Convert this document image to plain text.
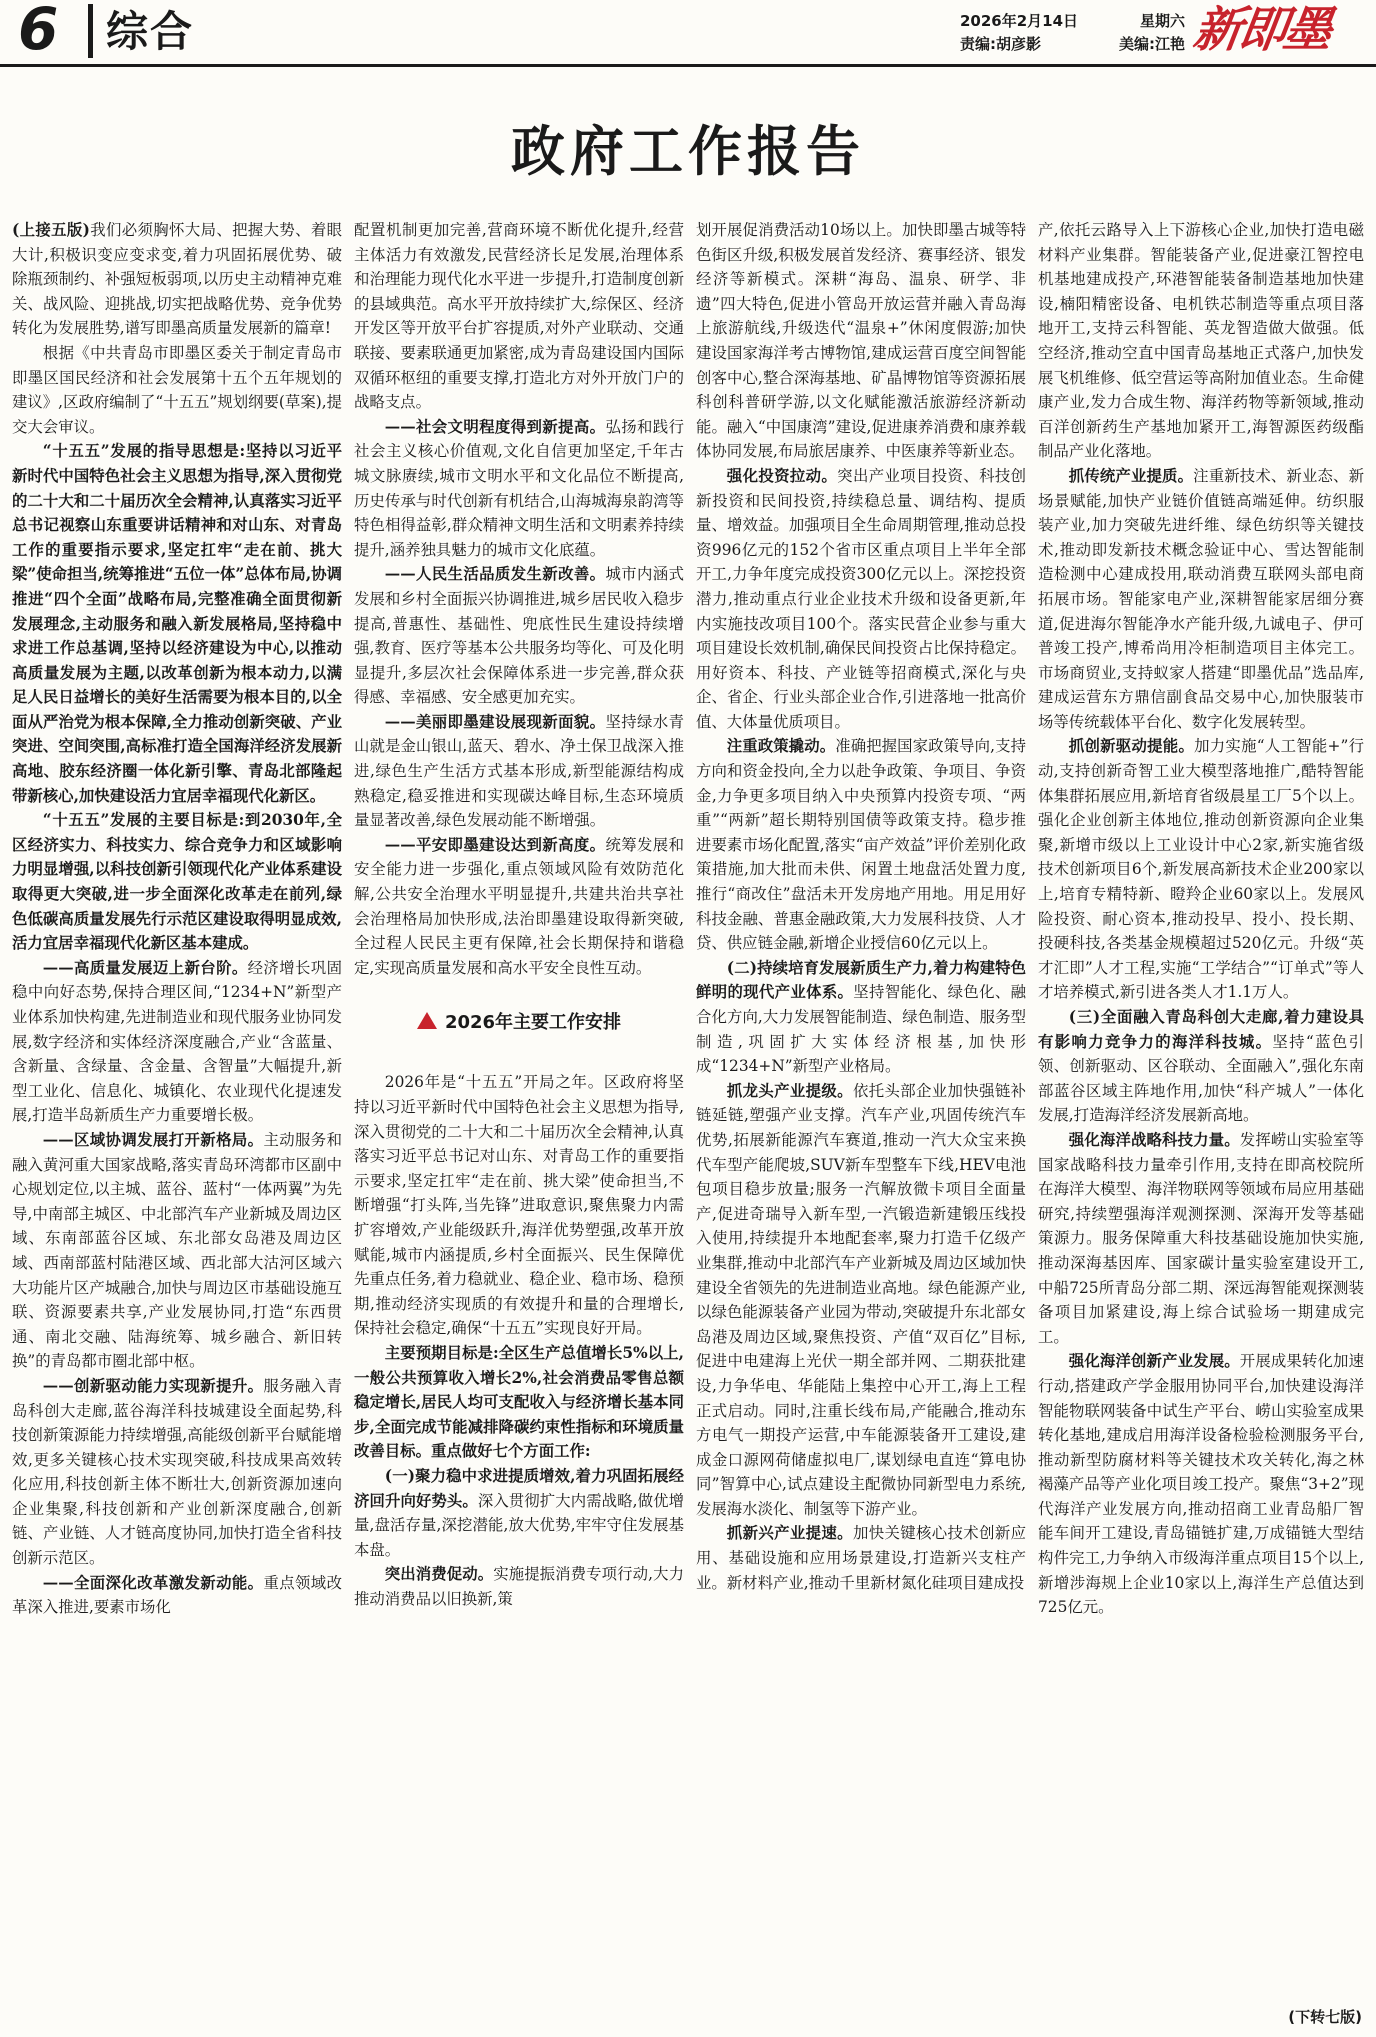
6 综合	2026年2月14日	星期六
责编:胡彦影	美编:江艳 新即墨
政府工作报告

(上接五版)我们必须胸怀大局、把握大势、着眼大计,积极识变应变求变,着力巩固拓展优势、破除瓶颈制约、补强短板弱项,以历史主动精神克难关、战风险、迎挑战,切实把战略优势、竞争优势转化为发展胜势,谱写即墨高质量发展新的篇章!

根据《中共青岛市即墨区委关于制定青岛市即墨区国民经济和社会发展第十五个五年规划的建议》,区政府编制了“十五五”规划纲要(草案),提交大会审议。

“十五五”发展的指导思想是:坚持以习近平新时代中国特色社会主义思想为指导,深入贯彻党的二十大和二十届历次全会精神,认真落实习近平总书记视察山东重要讲话精神和对山东、对青岛工作的重要指示要求,坚定扛牢“走在前、挑大梁”使命担当,统筹推进“五位一体”总体布局,协调推进“四个全面”战略布局,完整准确全面贯彻新发展理念,主动服务和融入新发展格局,坚持稳中求进工作总基调,坚持以经济建设为中心,以推动高质量发展为主题,以改革创新为根本动力,以满足人民日益增长的美好生活需要为根本目的,以全面从严治党为根本保障,全力推动创新突破、产业突进、空间突围,高标准打造全国海洋经济发展新高地、胶东经济圈一体化新引擎、青岛北部隆起带新核心,加快建设活力宜居幸福现代化新区。

“十五五”发展的主要目标是:到2030年,全区经济实力、科技实力、综合竞争力和区域影响力明显增强,以科技创新引领现代化产业体系建设取得更大突破,进一步全面深化改革走在前列,绿色低碳高质量发展先行示范区建设取得明显成效,活力宜居幸福现代化新区基本建成。

——高质量发展迈上新台阶。经济增长巩固稳中向好态势,保持合理区间,“1234+N”新型产业体系加快构建,先进制造业和现代服务业协同发展,数字经济和实体经济深度融合,产业“含蓝量、含新量、含绿量、含金量、含智量”大幅提升,新型工业化、信息化、城镇化、农业现代化提速发展,打造半岛新质生产力重要增长极。

——区域协调发展打开新格局。主动服务和融入黄河重大国家战略,落实青岛环湾都市区副中心规划定位,以主城、蓝谷、蓝村“一体两翼”为先导,中南部主城区、中北部汽车产业新城及周边区域、东南部蓝谷区域、东北部女岛港及周边区域、西南部蓝村陆港区域、西北部大沽河区域六大功能片区产城融合,加快与周边区市基础设施互联、资源要素共享,产业发展协同,打造“东西贯通、南北交融、陆海统筹、城乡融合、新旧转换”的青岛都市圈北部中枢。

——创新驱动能力实现新提升。服务融入青岛科创大走廊,蓝谷海洋科技城建设全面起势,科技创新策源能力持续增强,高能级创新平台赋能增效,更多关键核心技术实现突破,科技成果高效转化应用,科技创新主体不断壮大,创新资源加速向企业集聚,科技创新和产业创新深度融合,创新链、产业链、人才链高度协同,加快打造全省科技创新示范区。

——全面深化改革激发新动能。重点领域改革深入推进,要素市场化

配置机制更加完善,营商环境不断优化提升,经营主体活力有效激发,民营经济长足发展,治理体系和治理能力现代化水平进一步提升,打造制度创新的县域典范。高水平开放持续扩大,综保区、经济开发区等开放平台扩容提质,对外产业联动、交通联接、要素联通更加紧密,成为青岛建设国内国际双循环枢纽的重要支撑,打造北方对外开放门户的战略支点。

——社会文明程度得到新提高。弘扬和践行社会主义核心价值观,文化自信更加坚定,千年古城文脉赓续,城市文明水平和文化品位不断提高,历史传承与时代创新有机结合,山海城海泉韵湾等特色相得益彰,群众精神文明生活和文明素养持续提升,涵养独具魅力的城市文化底蕴。

——人民生活品质发生新改善。城市内涵式发展和乡村全面振兴协调推进,城乡居民收入稳步提高,普惠性、基础性、兜底性民生建设持续增强,教育、医疗等基本公共服务均等化、可及化明显提升,多层次社会保障体系进一步完善,群众获得感、幸福感、安全感更加充实。

——美丽即墨建设展现新面貌。坚持绿水青山就是金山银山,蓝天、碧水、净土保卫战深入推进,绿色生产生活方式基本形成,新型能源结构成熟稳定,稳妥推进和实现碳达峰目标,生态环境质量显著改善,绿色发展动能不断增强。

——平安即墨建设达到新高度。统筹发展和安全能力进一步强化,重点领域风险有效防范化解,公共安全治理水平明显提升,共建共治共享社会治理格局加快形成,法治即墨建设取得新突破,全过程人民民主更有保障,社会长期保持和谐稳定,实现高质量发展和高水平安全良性互动。

2026年主要工作安排

2026年是“十五五”开局之年。区政府将坚持以习近平新时代中国特色社会主义思想为指导,深入贯彻党的二十大和二十届历次全会精神,认真落实习近平总书记对山东、对青岛工作的重要指示要求,坚定扛牢“走在前、挑大梁”使命担当,不断增强“打头阵,当先锋”进取意识,聚焦聚力内需扩容增效,产业能级跃升,海洋优势塑强,改革开放赋能,城市内涵提质,乡村全面振兴、民生保障优先重点任务,着力稳就业、稳企业、稳市场、稳预期,推动经济实现质的有效提升和量的合理增长,保持社会稳定,确保“十五五”实现良好开局。

主要预期目标是:全区生产总值增长5%以上,一般公共预算收入增长2%,社会消费品零售总额稳定增长,居民人均可支配收入与经济增长基本同步,全面完成节能减排降碳约束性指标和环境质量改善目标。重点做好七个方面工作:

(一)聚力稳中求进提质增效,着力巩固拓展经济回升向好势头。深入贯彻扩大内需战略,做优增量,盘活存量,深挖潜能,放大优势,牢牢守住发展基本盘。

突出消费促动。实施提振消费专项行动,大力推动消费品以旧换新,策

划开展促消费活动10场以上。加快即墨古城等特色街区升级,积极发展首发经济、赛事经济、银发经济等新模式。深耕“海岛、温泉、研学、非遗”四大特色,促进小管岛开放运营并融入青岛海上旅游航线,升级迭代“温泉+”休闲度假游;加快建设国家海洋考古博物馆,建成运营百度空间智能创客中心,整合深海基地、矿晶博物馆等资源拓展科创科普研学游,以文化赋能激活旅游经济新动能。融入“中国康湾”建设,促进康养消费和康养载体协同发展,布局旅居康养、中医康养等新业态。

强化投资拉动。突出产业项目投资、科技创新投资和民间投资,持续稳总量、调结构、提质量、增效益。加强项目全生命周期管理,推动总投资996亿元的152个省市区重点项目上半年全部开工,力争年度完成投资300亿元以上。深挖投资潜力,推动重点行业企业技术升级和设备更新,年内实施技改项目100个。落实民营企业参与重大项目建设长效机制,确保民间投资占比保持稳定。用好资本、科技、产业链等招商模式,深化与央企、省企、行业头部企业合作,引进落地一批高价值、大体量优质项目。

注重政策撬动。准确把握国家政策导向,支持方向和资金投向,全力以赴争政策、争项目、争资金,力争更多项目纳入中央预算内投资专项、“两重”“两新”超长期特别国债等政策支持。稳步推进要素市场化配置,落实“亩产效益”评价差别化政策措施,加大批而未供、闲置土地盘活处置力度,推行“商改住”盘活未开发房地产用地。用足用好科技金融、普惠金融政策,大力发展科技贷、人才贷、供应链金融,新增企业授信60亿元以上。

(二)持续培育发展新质生产力,着力构建特色鲜明的现代产业体系。坚持智能化、绿色化、融合化方向,大力发展智能制造、绿色制造、服务型制造,巩固扩大实体经济根基,加快形成“1234+N”新型产业格局。

抓龙头产业提级。依托头部企业加快强链补链延链,塑强产业支撑。汽车产业,巩固传统汽车优势,拓展新能源汽车赛道,推动一汽大众宝来换代车型产能爬坡,SUV新车型整车下线,HEV电池包项目稳步放量;服务一汽解放微卡项目全面量产,促进奇瑞导入新车型,一汽锻造新建锻压线投入使用,持续提升本地配套率,聚力打造千亿级产业集群,推动中北部汽车产业新城及周边区域加快建设全省领先的先进制造业高地。绿色能源产业,以绿色能源装备产业园为带动,突破提升东北部女岛港及周边区域,聚焦投资、产值“双百亿”目标,促进中电建海上光伏一期全部并网、二期获批建设,力争华电、华能陆上集控中心开工,海上工程正式启动。同时,注重长线布局,产能融合,推动东方电气一期投产运营,中车能源装备开工建设,建成金口源网荷储虚拟电厂,谋划绿电直连“算电协同”智算中心,试点建设主配微协同新型电力系统,发展海水淡化、制氢等下游产业。

抓新兴产业提速。加快关键核心技术创新应用、基础设施和应用场景建设,打造新兴支柱产业。新材料产业,推动千里新材氮化硅项目建成投

产,依托云路导入上下游核心企业,加快打造电磁材料产业集群。智能装备产业,促进豪江智控电机基地建成投产,环港智能装备制造基地加快建设,楠阳精密设备、电机铁芯制造等重点项目落地开工,支持云科智能、英龙智造做大做强。低空经济,推动空直中国青岛基地正式落户,加快发展飞机维修、低空营运等高附加值业态。生命健康产业,发力合成生物、海洋药物等新领域,推动百洋创新药生产基地加紧开工,海智源医药级酯制品产业化落地。

抓传统产业提质。注重新技术、新业态、新场景赋能,加快产业链价值链高端延伸。纺织服装产业,加力突破先进纤维、绿色纺织等关键技术,推动即发新技术概念验证中心、雪达智能制造检测中心建成投用,联动消费互联网头部电商拓展市场。智能家电产业,深耕智能家居细分赛道,促进海尔智能净水产能升级,九诚电子、伊可普竣工投产,博希尚用冷柜制造项目主体完工。市场商贸业,支持蚁家人搭建“即墨优品”选品库,建成运营东方鼎信副食品交易中心,加快服装市场等传统载体平台化、数字化发展转型。

抓创新驱动提能。加力实施“人工智能+”行动,支持创新奇智工业大模型落地推广,酷特智能体集群拓展应用,新培育省级晨星工厂5个以上。强化企业创新主体地位,推动创新资源向企业集聚,新增市级以上工业设计中心2家,新实施省级技术创新项目6个,新发展高新技术企业200家以上,培育专精特新、瞪羚企业60家以上。发展风险投资、耐心资本,推动投早、投小、投长期、投硬科技,各类基金规模超过520亿元。升级“英才汇即”人才工程,实施“工学结合”“订单式”等人才培养模式,新引进各类人才1.1万人。

(三)全面融入青岛科创大走廊,着力建设具有影响力竞争力的海洋科技城。坚持“蓝色引领、创新驱动、区谷联动、全面融入”,强化东南部蓝谷区域主阵地作用,加快“科产城人”一体化发展,打造海洋经济发展新高地。

强化海洋战略科技力量。发挥崂山实验室等国家战略科技力量牵引作用,支持在即高校院所在海洋大模型、海洋物联网等领域布局应用基础研究,持续塑强海洋观测探测、深海开发等基础策源力。服务保障重大科技基础设施加快实施,推动深海基因库、国家碳计量实验室建设开工,中船725所青岛分部二期、深远海智能观探测装备项目加紧建设,海上综合试验场一期建成完工。

强化海洋创新产业发展。开展成果转化加速行动,搭建政产学金服用协同平台,加快建设海洋智能物联网装备中试生产平台、崂山实验室成果转化基地,建成启用海洋设备检验检测服务平台,推动新型防腐材料等关键技术攻关转化,海之林褐藻产品等产业化项目竣工投产。聚焦“3+2”现代海洋产业发展方向,推动招商工业青岛船厂智能车间开工建设,青岛锚链扩建,万成锚链大型结构件完工,力争纳入市级海洋重点项目15个以上,新增涉海规上企业10家以上,海洋生产总值达到725亿元。

(下转七版)
